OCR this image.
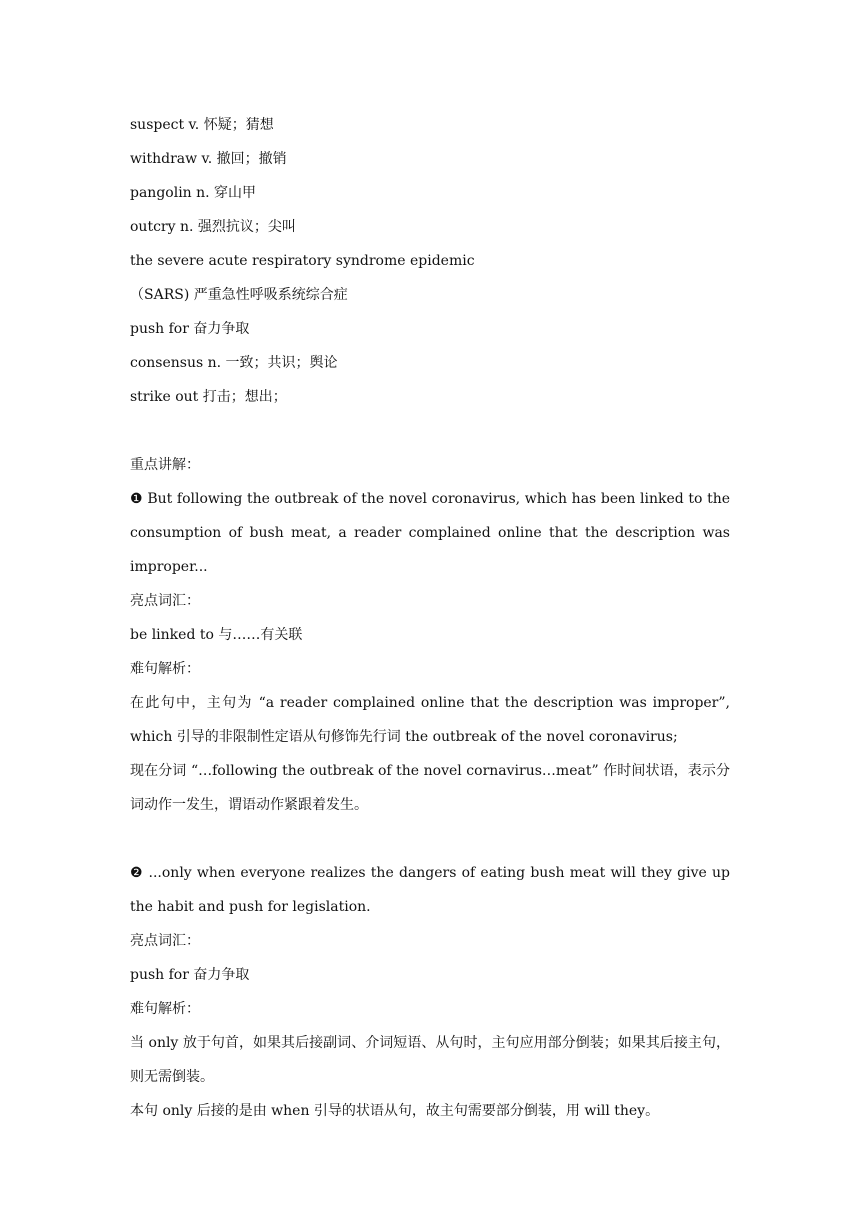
suspect v. 怀疑；猜想
withdraw v. 撤回；撤销
pangolin n. 穿山甲
outcry n. 强烈抗议；尖叫
the severe acute respiratory syndrome epidemic
（SARS) 严重急性呼吸系统综合症
push for 奋力争取
consensus n. 一致；共识；舆论
strike out 打击；想出；
重点讲解：
❶ But following the outbreak of the novel coronavirus, which has been linked to the consumption of bush meat, a reader complained online that the description was improper...
亮点词汇：
be linked to 与……有关联
难句解析：
在此句中，主句为 “a reader complained online that the description was improper”, which 引导的非限制性定语从句修饰先行词 the outbreak of the novel coronavirus;
现在分词 “…following the outbreak of the novel cornavirus…meat” 作时间状语，表示分词动作一发生，谓语动作紧跟着发生。
❷ ...only when everyone realizes the dangers of eating bush meat will they give up the habit and push for legislation.
亮点词汇：
push for 奋力争取
难句解析：
当 only 放于句首，如果其后接副词、介词短语、从句时，主句应用部分倒装；如果其后接主句，则无需倒装。
本句 only 后接的是由 when 引导的状语从句，故主句需要部分倒装，用 will they。
